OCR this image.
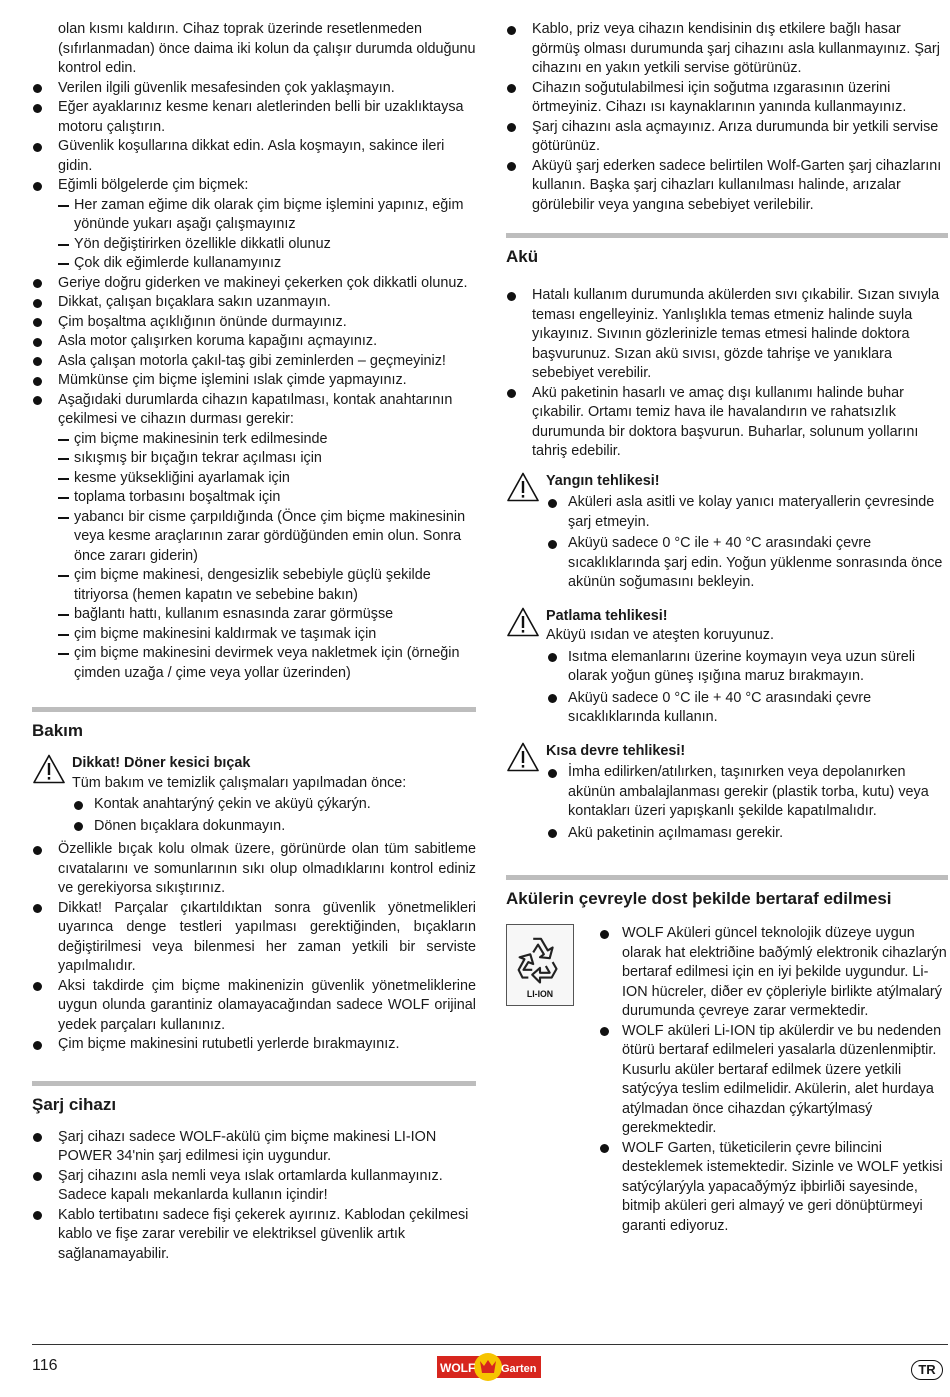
olan kısmı kaldırın. Cihaz toprak üzerinde resetlenmeden (sıfırlanmadan) önce daima iki kolun da çalışır durumda olduğunu kontrol edin.
Verilen ilgili güvenlik mesafesinden çok yaklaşmayın.
Eğer ayaklarınız kesme kenarı aletlerinden belli bir uzaklıktaysa motoru çalıştırın.
Güvenlik koşullarına dikkat edin. Asla koşmayın, sakince ileri gidin.
Eğimli bölgelerde çim biçmek:
Her zaman eğime dik olarak çim biçme işlemini yapınız, eğim yönünde yukarı aşağı çalışmayınız
Yön değiştirirken özellikle dikkatli olunuz
Çok dik eğimlerde kullanamyınız
Geriye doğru giderken ve makineyi çekerken çok dikkatli olunuz.
Dikkat, çalışan bıçaklara sakın uzanmayın.
Çim boşaltma açıklığının önünde durmayınız.
Asla motor çalışırken koruma kapağını açmayınız.
Asla çalışan motorla çakıl-taş gibi zeminlerden – geçmeyiniz!
Mümkünse çim biçme işlemini ıslak çimde yapmayınız.
Aşağıdaki durumlarda cihazın kapatılması, kontak anahtarının çekilmesi ve cihazın durması gerekir:
çim biçme makinesinin terk edilmesinde
sıkışmış bir bıçağın tekrar açılması için
kesme yüksekliğini ayarlamak için
toplama torbasını boşaltmak için
yabancı bir cisme çarpıldığında (Önce çim biçme makinesinin veya kesme araçlarının zarar gördüğünden emin olun. Sonra önce zararı giderin)
çim biçme makinesi, dengesizlik sebebiyle güçlü şekilde titriyorsa (hemen kapatın ve sebebine bakın)
bağlantı hattı, kullanım esnasında zarar görmüşse
çim biçme makinesini kaldırmak ve taşımak için
çim biçme makinesini devirmek veya nakletmek için (örneğin çimden uzağa / çime veya yollar üzerinden)
Bakım
Dikkat! Döner kesici bıçak
Tüm bakım ve temizlik çalışmaları yapılmadan önce:
Kontak anahtarýný çekin ve aküyü çýkarýn.
Dönen bıçaklara dokunmayın.
Özellikle bıçak kolu olmak üzere, görünürde olan tüm sabitleme cıvatalarını ve somunlarının sıkı olup olmadıklarını kontrol ediniz ve gerekiyorsa sıkıştırınız.
Dikkat! Parçalar çıkartıldıktan sonra güvenlik yönetmelikleri uyarınca denge testleri yapılması gerektiğinden, bıçakların değiştirilmesi veya bilenmesi her zaman yetkili bir serviste yapılmalıdır.
Aksi takdirde çim biçme makinenizin güvenlik yönetmeliklerine uygun olunda garantiniz olamayacağından sadece WOLF orijinal yedek parçaları kullanınız.
Çim biçme makinesini rutubetli yerlerde bırakmayınız.
Şarj cihazı
Şarj cihazı sadece WOLF-akülü çim biçme makinesi LI-ION POWER 34'nin şarj edilmesi için uygundur.
Şarj cihazını asla nemli veya ıslak ortamlarda kullanmayınız. Sadece kapalı mekanlarda kullanın içindir!
Kablo tertibatını sadece fişi çekerek ayırınız. Kablodan çekilmesi kablo ve fişe zarar verebilir ve elektriksel güvenlik artık sağlanamayabilir.
Kablo, priz veya cihazın kendisinin dış etkilere bağlı hasar görmüş olması durumunda şarj cihazını asla kullanmayınız. Şarj cihazını en yakın yetkili servise götürünüz.
Cihazın soğutulabilmesi için soğutma ızgarasının üzerini örtmeyiniz. Cihazı ısı kaynaklarının yanında kullanmayınız.
Şarj cihazını asla açmayınız. Arıza durumunda bir yetkili servise götürünüz.
Aküyü şarj ederken sadece belirtilen Wolf-Garten şarj cihazlarını kullanın. Başka şarj cihazları kullanılması halinde, arızalar görülebilir veya yangına sebebiyet verilebilir.
Akü
Hatalı kullanım durumunda akülerden sıvı çıkabilir. Sızan sıvıyla teması engelleyiniz. Yanlışlıkla temas etmeniz halinde suyla yıkayınız. Sıvının gözlerinizle temas etmesi halinde doktora başvurunuz. Sızan akü sıvısı, gözde tahrişe ve yanıklara sebebiyet verebilir.
Akü paketinin hasarlı ve amaç dışı kullanımı halinde buhar çıkabilir. Ortamı temiz hava ile havalandırın ve rahatsızlık durumunda bir doktora başvurun. Buharlar, solunum yollarını tahriş edebilir.
Yangın tehlikesi!
Aküleri asla asitli ve kolay yanıcı materyallerin çevresinde şarj etmeyin.
Aküyü sadece 0 °C ile + 40 °C arasındaki çevre sıcaklıklarında şarj edin. Yoğun yüklenme sonrasında önce akünün soğumasını bekleyin.
Patlama tehlikesi!
Aküyü ısıdan ve ateşten koruyunuz.
Isıtma elemanlarını üzerine koymayın veya uzun süreli olarak yoğun güneş ışığına maruz bırakmayın.
Aküyü sadece 0 °C ile + 40 °C arasındaki çevre sıcaklıklarında kullanın.
Kısa devre tehlikesi!
İmha edilirken/atılırken, taşınırken veya depolanırken akünün ambalajlanması gerekir (plastik torba, kutu) veya kontakları üzeri yapışkanlı şekilde kapatılmalıdır.
Akü paketinin açılmaması gerekir.
Akülerin çevreyle dost þekilde bertaraf edilmesi
LI-ION
WOLF Aküleri güncel teknolojik düzeye uygun olarak hat elektriðine baðýmlý elektronik cihazlarýn bertaraf edilmesi için en iyi þekilde uygundur. Li-ION hücreler, diðer ev çöpleriyle birlikte atýlmalarý durumunda çevreye zarar vermektedir.
WOLF aküleri Li-ION tip akülerdir ve bu nedenden ötürü bertaraf edilmeleri yasalarla düzenlenmiþtir. Kusurlu aküler bertaraf edilmek üzere yetkili satýcýya teslim edilmelidir. Akülerin, alet hurdaya atýlmadan önce cihazdan çýkartýlmasý gerekmektedir.
WOLF Garten, tüketicilerin çevre bilincini desteklemek istemektedir. Sizinle ve WOLF yetkisi satýcýlarýyla yapacaðýmýz iþbirliði sayesinde, bitmiþ aküleri geri almayý ve geri dönüþtürmeyi garanti ediyoruz.
116	WOLF Garten	TR
